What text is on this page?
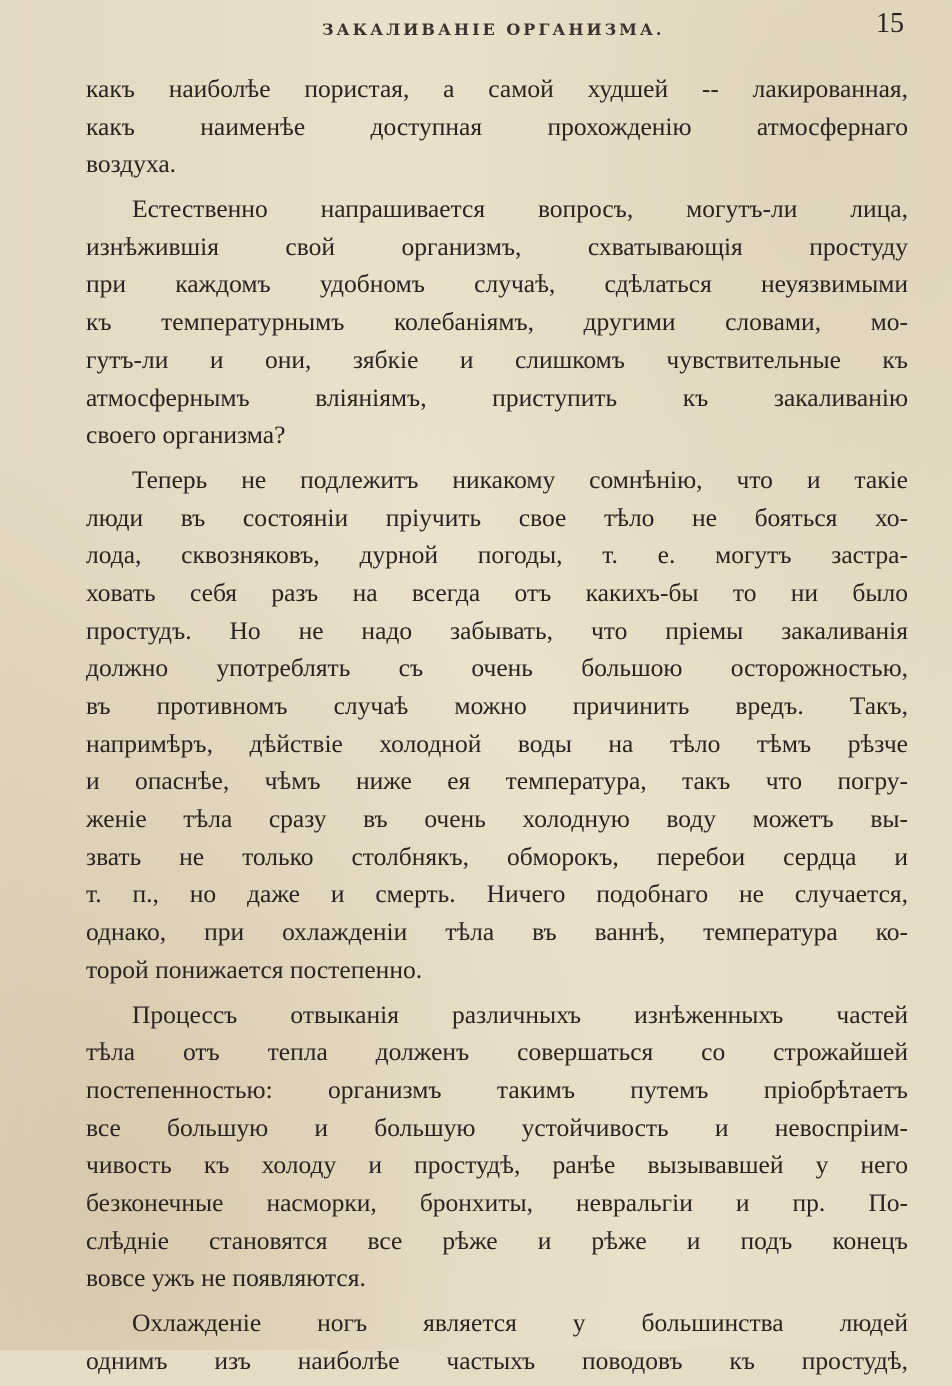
ЗАКАЛИВАНІЕ ОРГАНИЗМА.	15
какъ наиболѣе пористая, а самой худшей -- лакированная,
какъ наименѣе доступная прохожденію атмосфернаго
воздуха.
Естественно напрашивается вопросъ, могутъ-ли лица,
изнѣжившія свой организмъ, схватывающія простуду
при каждомъ удобномъ случаѣ, сдѣлаться неуязвимыми
къ температурнымъ колебаніямъ, другими словами, мо-
гутъ-ли и они, зябкіе и слишкомъ чувствительные къ
атмосфернымъ вліяніямъ, приступить къ закаливанію
своего организма?
Теперь не подлежитъ никакому сомнѣнію, что и такіе
люди въ состояніи пріучить свое тѣло не бояться хо-
лода, сквозняковъ, дурной погоды, т. е. могутъ застра-
ховать себя разъ на всегда отъ какихъ-бы то ни было
простудъ. Но не надо забывать, что пріемы закаливанія
должно употреблять съ очень большою осторожностью,
въ противномъ случаѣ можно причинить вредъ. Такъ,
напримѣръ, дѣйствіе холодной воды на тѣло тѣмъ рѣзче
и опаснѣе, чѣмъ ниже ея температура, такъ что погру-
женіе тѣла сразу въ очень холодную воду можетъ вы-
звать не только столбнякъ, обморокъ, перебои сердца и
т. п., но даже и смерть. Ничего подобнаго не случается,
однако, при охлажденіи тѣла въ ваннѣ, температура ко-
торой понижается постепенно.
Процессъ отвыканія различныхъ изнѣженныхъ частей
тѣла отъ тепла долженъ совершаться со строжайшей
постепенностью: организмъ такимъ путемъ пріобрѣтаетъ
все большую и большую устойчивость и невоспріим-
чивость къ холоду и простудѣ, ранѣе вызывавшей у него
безконечные насморки, бронхиты, невральгіи и пр. По-
слѣдніе становятся все рѣже и рѣже и подъ конецъ
вовсе ужъ не появляются.
Охлажденіе ногъ является у большинства людей
однимъ изъ наиболѣе частыхъ поводовъ къ простудѣ,
